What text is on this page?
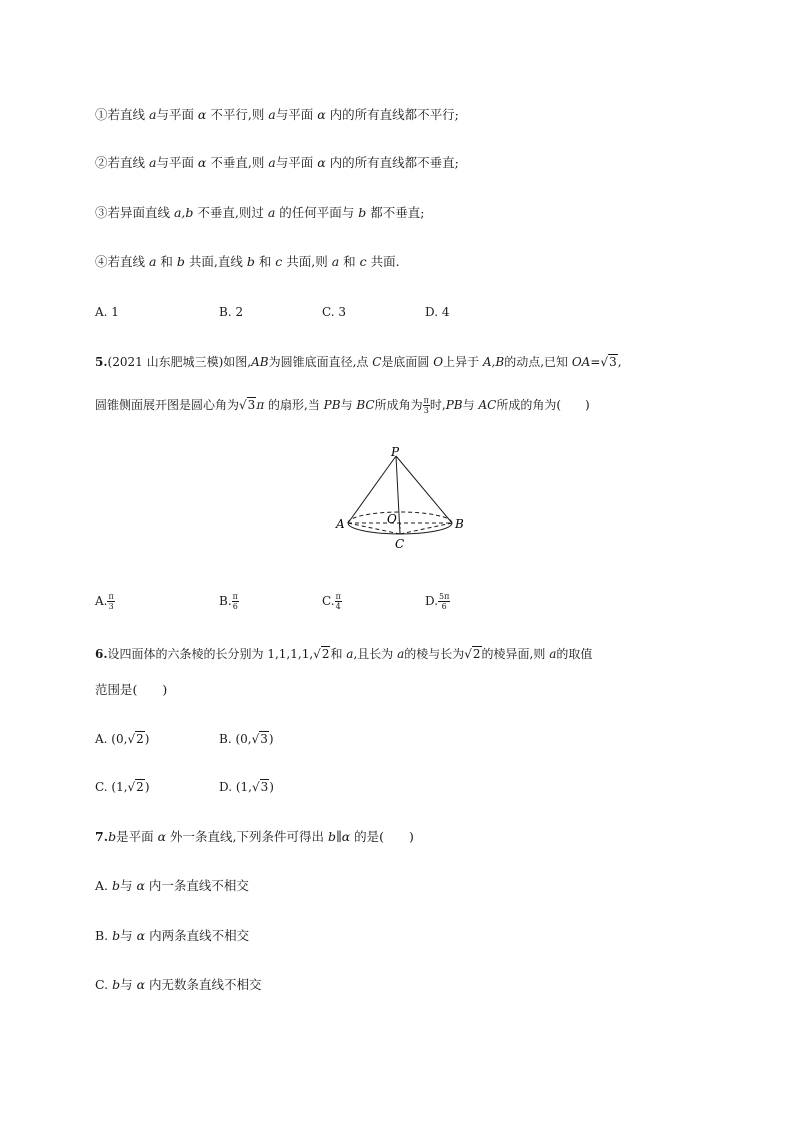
①若直线 a与平面 α 不平行,则 a与平面 α 内的所有直线都不平行;
②若直线 a与平面 α 不垂直,则 a与平面 α 内的所有直线都不垂直;
③若异面直线 a,b 不垂直,则过 a 的任何平面与 b 都不垂直;
④若直线 a 和 b 共面,直线 b 和 c 共面,则 a 和 c 共面.
A. 1	B. 2	C. 3	D. 4
5.(2021 山东肥城三模)如图,AB为圆锥底面直径,点 C是底面圆 O上异于 A,B的动点,已知 OA=√3,
圆锥侧面展开图是圆心角为√3π 的扇形,当 PB与 BC所成角为 $\frac{\pi}{3}$ 时,PB与 AC所成的角为(　　)
P
A	B
O
C
A. $\frac{\pi}{3}$	B. $\frac{\pi}{6}$	C. $\frac{\pi}{4}$	D. $\frac{5\pi}{6}$
6.设四面体的六条棱的长分别为 1,1,1,1,√2和 a,且长为 a的棱与长为√2的棱异面,则 a的取值
范围是(　　)
A. (0,√2)	B. (0,√3)
C. (1,√2)	D. (1,√3)
7.b是平面 α 外一条直线,下列条件可得出 b∥α 的是(　　)
A. b与 α 内一条直线不相交
B. b与 α 内两条直线不相交
C. b与 α 内无数条直线不相交
